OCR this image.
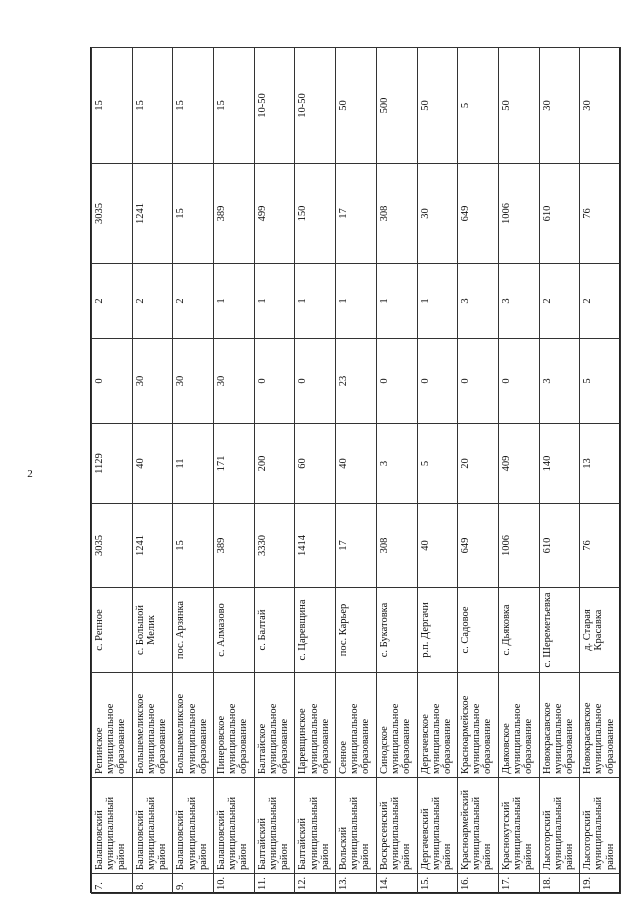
2
7.	Балашовский муниципальный район	Репинское муниципальное образование	с. Репное	3035	1129	0	2	3035	15
8.	Балашовский муниципальный район	Большемеликское муниципальное образование	с. Большой Мелик	1241	40	30	2	1241	15
9.	Балашовский муниципальный район	Большемеликское муниципальное образование	пос. Арзянка	15	11	30	2	15	15
10.	Балашовский муниципальный район	Пинеровское муниципальное образование	с. Алмазово	389	171	30	1	389	15
11.	Балтайский муниципальный район	Балтайское муниципальное образование	с. Балтай	3330	200	0	1	499	10-50
12.	Балтайский муниципальный район	Царевщинское муниципальное образование	с. Царевщина	1414	60	0	1	150	10-50
13.	Вольский муниципальный район	Сенное муниципальное образование	пос. Карьер	17	40	23	1	17	50
14.	Воскресенский муниципальный район	Синодское муниципальное образование	с. Букатовка	308	3	0	1	308	500
15.	Дергачевский муниципальный район	Дергачевское муниципальное образование	р.п. Дергачи	40	5	0	1	30	50
16.	Красноармейский муниципальный район	Красноармейское муниципальное образование	с. Садовое	649	20	0	3	649	5
17.	Краснокутский муниципальный район	Дьяковское муниципальное образование	с. Дьяковка	1006	409	0	3	1006	50
18.	Лысогорский муниципальный район	Новокрасавское муниципальное образование	с. Шереметьевка	610	140	3	2	610	30
19.	Лысогорский муниципальный район	Новокрасавское муниципальное образование	д. Старая Красавка	76	13	5	2	76	30
